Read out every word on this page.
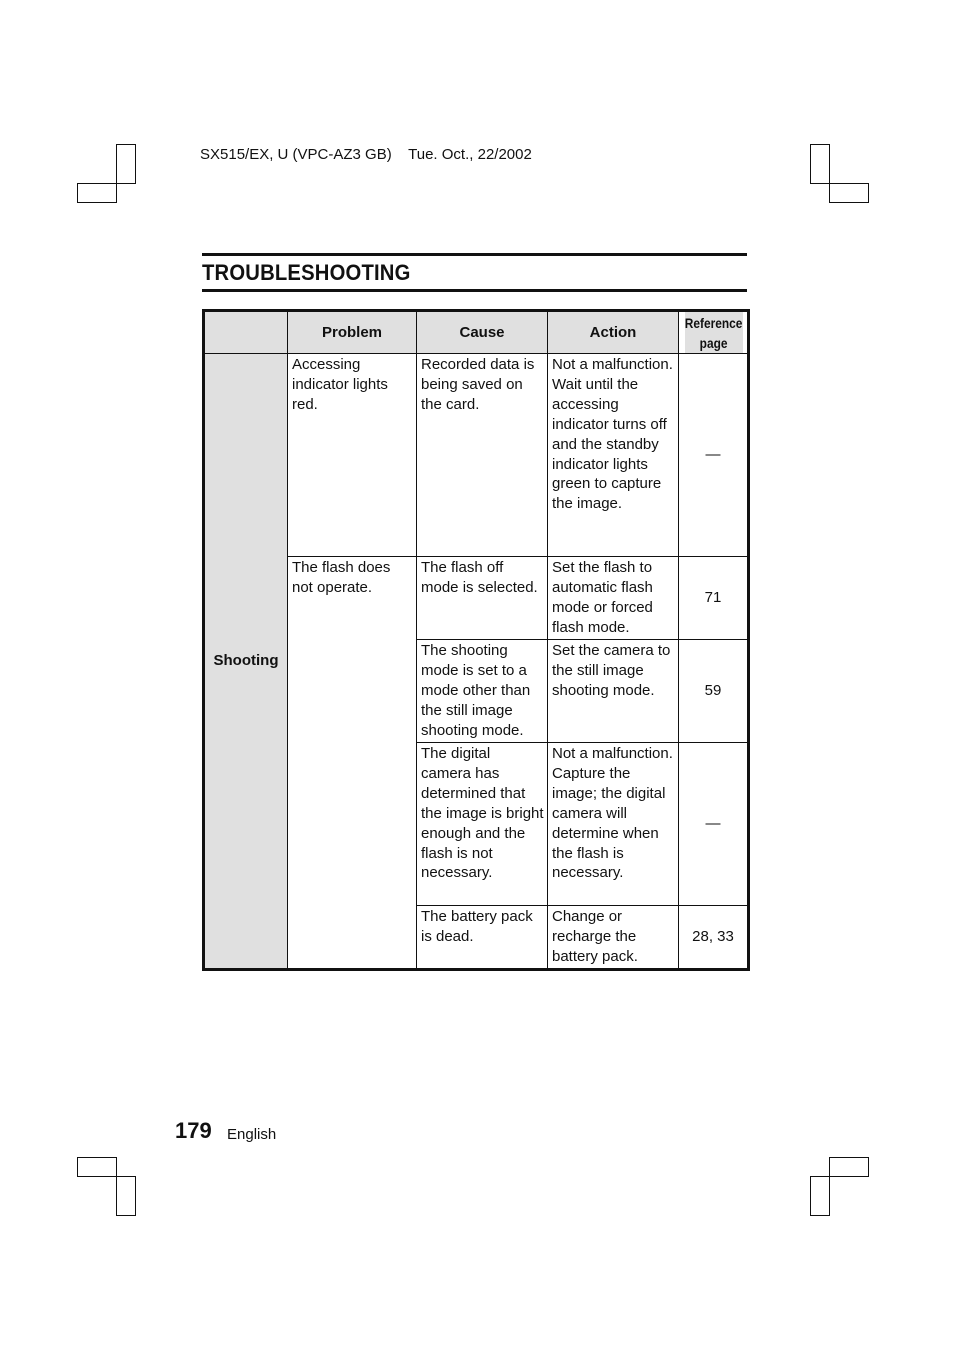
SX515/EX, U (VPC-AZ3 GB) Tue. Oct., 22/2002
TROUBLESHOOTING
	Problem	Cause	Action	Reference
page
Shooting	Accessing indicator lights red.	Recorded data is being saved on the card.	Not a malfunction. Wait until the accessing indicator turns off and the standby indicator lights green to capture the image.	—
	The flash does not operate.	The flash off mode is selected.	Set the flash to automatic flash mode or forced flash mode.	71
		The shooting mode is set to a mode other than the still image shooting mode.	Set the camera to the still image shooting mode.	59
		The digital camera has determined that the image is bright enough and the flash is not necessary.	Not a malfunction. Capture the image; the digital camera will determine when the flash is necessary.	—
		The battery pack is dead.	Change or recharge the battery pack.	28, 33
179 English
